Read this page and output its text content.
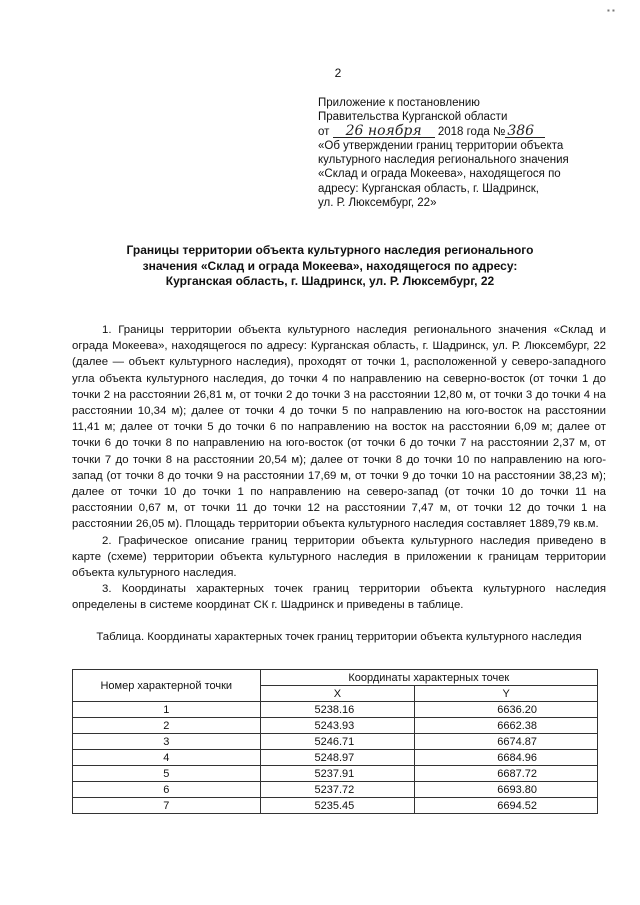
▪ ▪
2
Приложение к постановлению
Правительства Курганской области
от 26 ноября 2018 года № 386
«Об утверждении границ территории объекта
культурного наследия регионального значения
«Склад и ограда Мокеева», находящегося по
адресу: Курганская область, г. Шадринск,
ул. Р. Люксембург, 22»
Границы территории объекта культурного наследия регионального
значения «Склад и ограда Мокеева», находящегося по адресу:
Курганская область, г. Шадринск, ул. Р. Люксембург, 22

1. Границы территории объекта культурного наследия регионального значения «Склад и ограда Мокеева», находящегося по адресу: Курганская область, г. Шадринск, ул. Р. Люксембург, 22 (далее — объект культурного наследия), проходят от точки 1, расположенной у северо-западного угла объекта культурного наследия, до точки 4 по направлению на северно-восток (от точки 1 до точки 2 на расстоянии 26,81 м, от точки 2 до точки 3 на расстоянии 12,80 м, от точки 3 до точки 4 на расстоянии 10,34 м); далее от точки 4 до точки 5 по направлению на юго-восток на расстоянии 11,41 м; далее от точки 5 до точки 6 по направлению на восток на расстоянии 6,09 м; далее от точки 6 до точки 8 по направлению на юго-восток (от точки 6 до точки 7 на расстоянии 2,37 м, от точки 7 до точки 8 на расстоянии 20,54 м); далее от точки 8 до точки 10 по направлению на юго-запад (от точки 8 до точки 9 на расстоянии 17,69 м, от точки 9 до точки 10 на расстоянии 38,23 м); далее от точки 10 до точки 1 по направлению на северо-запад (от точки 10 до точки 11 на расстоянии 0,67 м, от точки 11 до точки 12 на расстоянии 7,47 м, от точки 12 до точки 1 на расстоянии 26,05 м). Площадь территории объекта культурного наследия составляет 1889,79 кв.м.

2. Графическое описание границ территории объекта культурного наследия приведено в карте (схеме) территории объекта культурного наследия в приложении к границам территории объекта культурного наследия.

3. Координаты характерных точек границ территории объекта культурного наследия определены в системе координат СК г. Шадринск и приведены в таблице.

Таблица. Координаты характерных точек границ территории объекта культурного наследия
Номер характерной точки	Координаты характерных точек	
	X	Y
1	5238.16	6636.20
2	5243.93	6662.38
3	5246.71	6674.87
4	5248.97	6684.96
5	5237.91	6687.72
6	5237.72	6693.80
7	5235.45	6694.52
